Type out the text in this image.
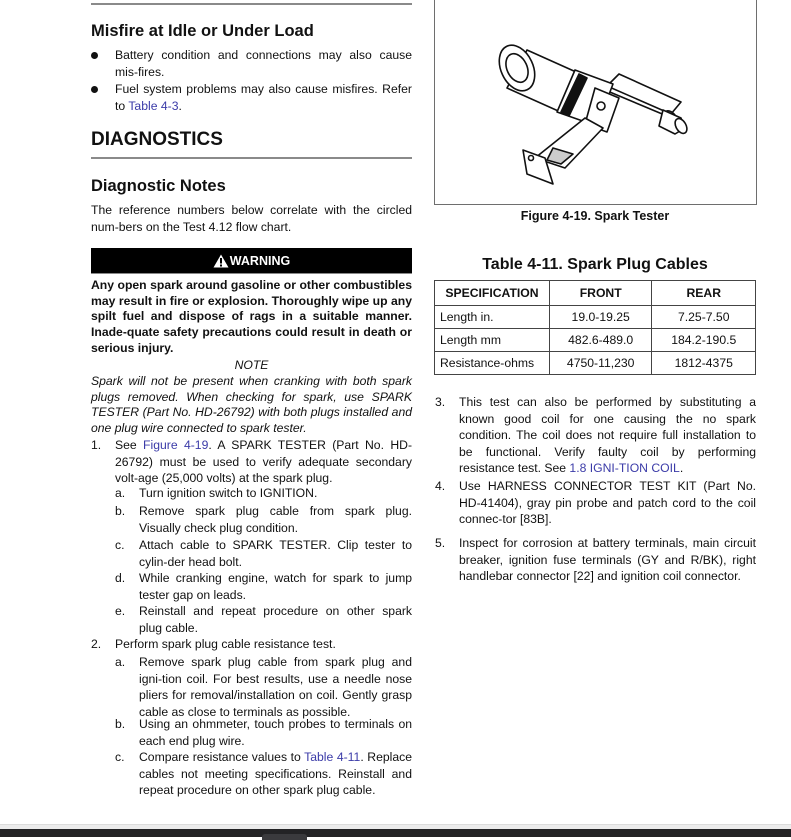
Misfire at Idle or Under Load
Battery condition and connections may also cause mis-fires.
Fuel system problems may also cause misfires. Refer to Table 4-3.
DIAGNOSTICS
Diagnostic Notes
The reference numbers below correlate with the circled num-bers on the Test 4.12 flow chart.
WARNING
Any open spark around gasoline or other combustibles may result in fire or explosion. Thoroughly wipe up any spilt fuel and dispose of rags in a suitable manner. Inade-quate safety precautions could result in death or serious injury.
NOTE
Spark will not be present when cranking with both spark plugs removed. When checking for spark, use SPARK TESTER (Part No. HD-26792) with both plugs installed and one plug wire connected to spark tester.
1. See Figure 4-19. A SPARK TESTER (Part No. HD-26792) must be used to verify adequate secondary volt-age (25,000 volts) at the spark plug.
a. Turn ignition switch to IGNITION.
b. Remove spark plug cable from spark plug. Visually check plug condition.
c. Attach cable to SPARK TESTER. Clip tester to cylin-der head bolt.
d. While cranking engine, watch for spark to jump tester gap on leads.
e. Reinstall and repeat procedure on other spark plug cable.
2. Perform spark plug cable resistance test.
a. Remove spark plug cable from spark plug and igni-tion coil. For best results, use a needle nose pliers for removal/installation on coil. Gently grasp cable as close to terminals as possible.
b. Using an ohmmeter, touch probes to terminals on each end plug wire.
c. Compare resistance values to Table 4-11. Replace cables not meeting specifications. Reinstall and repeat procedure on other spark plug cable.
Figure 4-19. Spark Tester
Table 4-11. Spark Plug Cables
SPECIFICATION	FRONT	REAR
Length in.	19.0-19.25	7.25-7.50
Length mm	482.6-489.0	184.2-190.5
Resistance-ohms	4750-11,230	1812-4375
3. This test can also be performed by substituting a known good coil for one causing the no spark condition. The coil does not require full installation to be functional. Verify faulty coil by performing resistance test. See 1.8 IGNI-TION COIL.
4. Use HARNESS CONNECTOR TEST KIT (Part No. HD-41404), gray pin probe and patch cord to the coil connec-tor [83B].
5. Inspect for corrosion at battery terminals, main circuit breaker, ignition fuse terminals (GY and R/BK), right handlebar connector [22] and ignition coil connector.
